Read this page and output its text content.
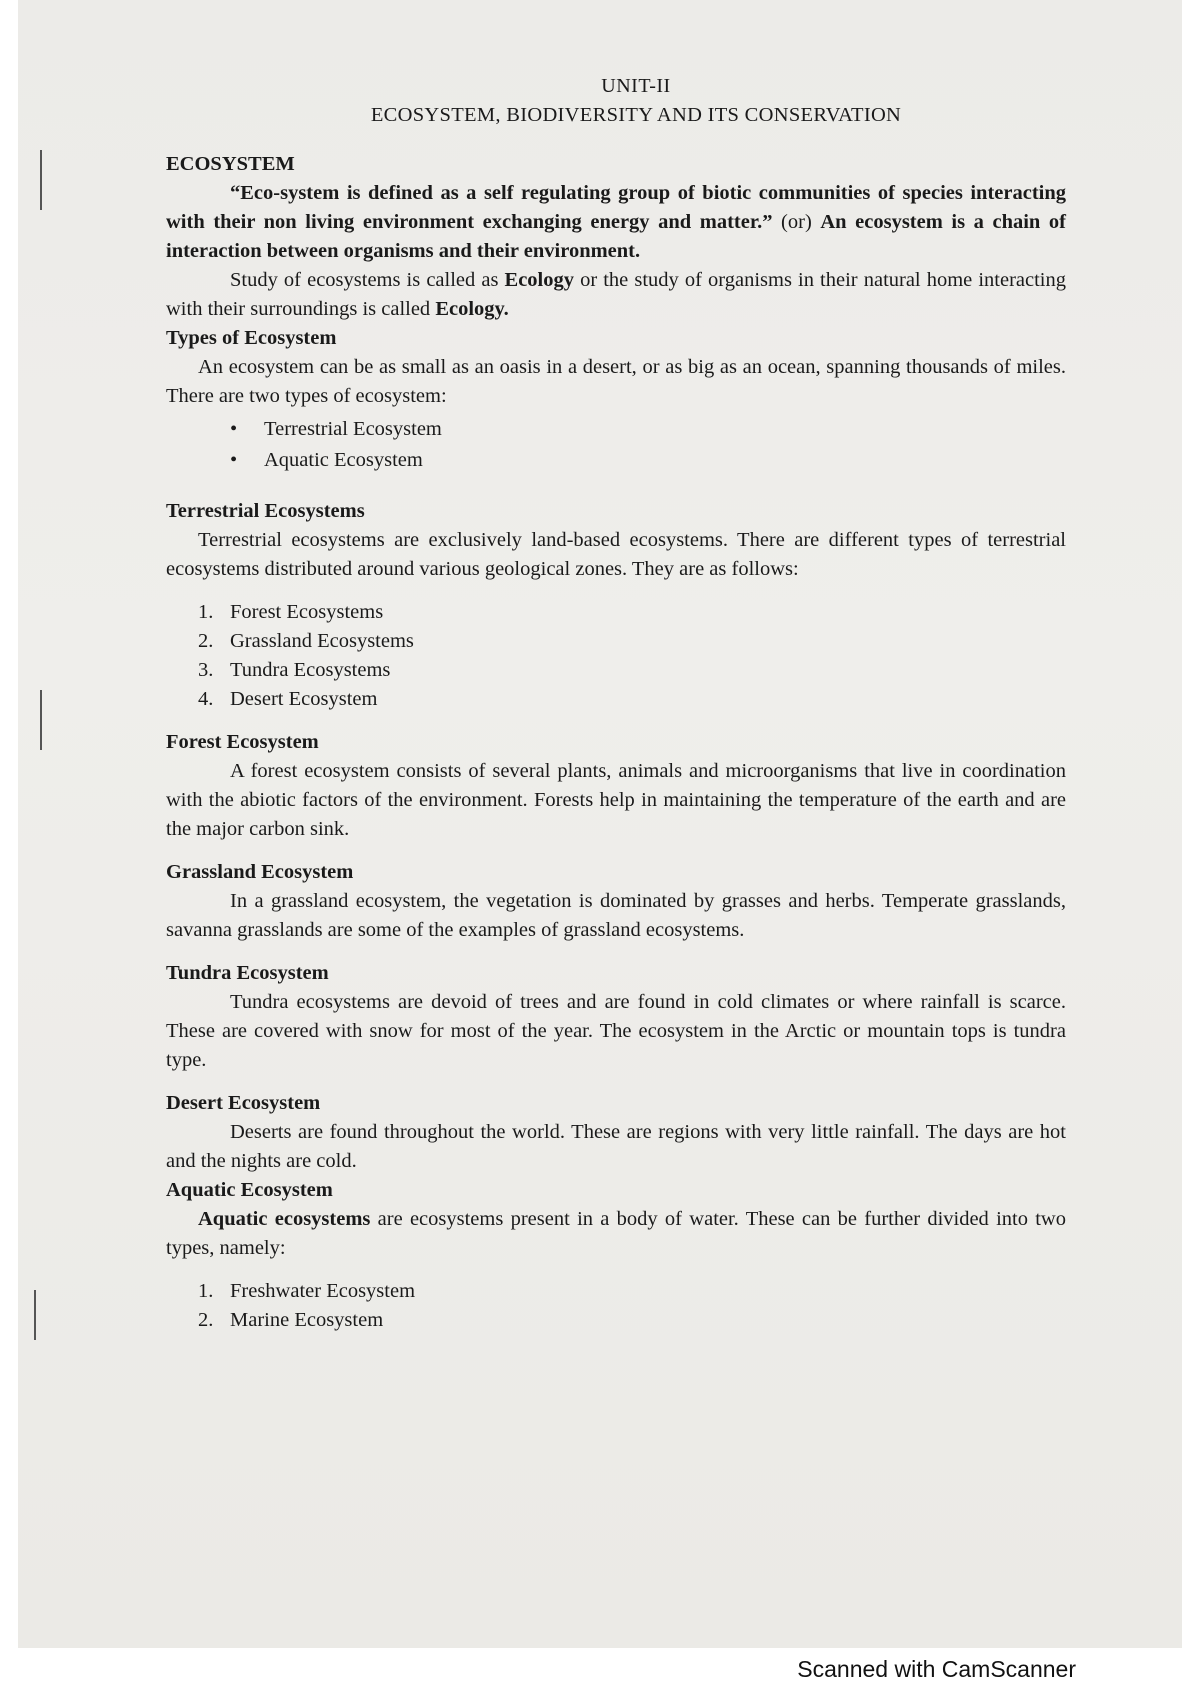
UNIT-II
ECOSYSTEM, BIODIVERSITY AND ITS CONSERVATION
ECOSYSTEM

“Eco-system is defined as a self regulating group of biotic communities of species interacting with their non living environment exchanging energy and matter.” (or) An ecosystem is a chain of interaction between organisms and their environment.

Study of ecosystems is called as Ecology or the study of organisms in their natural home interacting with their surroundings is called Ecology.

Types of Ecosystem

An ecosystem can be as small as an oasis in a desert, or as big as an ocean, spanning thousands of miles. There are two types of ecosystem:

• Terrestrial Ecosystem
• Aquatic Ecosystem
Terrestrial Ecosystems

Terrestrial ecosystems are exclusively land-based ecosystems. There are different types of terrestrial ecosystems distributed around various geological zones. They are as follows:

1. Forest Ecosystems
2. Grassland Ecosystems
3. Tundra Ecosystems
4. Desert Ecosystem
Forest Ecosystem

A forest ecosystem consists of several plants, animals and microorganisms that live in coordination with the abiotic factors of the environment. Forests help in maintaining the temperature of the earth and are the major carbon sink.

Grassland Ecosystem

In a grassland ecosystem, the vegetation is dominated by grasses and herbs. Temperate grasslands, savanna grasslands are some of the examples of grassland ecosystems.

Tundra Ecosystem

Tundra ecosystems are devoid of trees and are found in cold climates or where rainfall is scarce. These are covered with snow for most of the year. The ecosystem in the Arctic or mountain tops is tundra type.

Desert Ecosystem

Deserts are found throughout the world. These are regions with very little rainfall. The days are hot and the nights are cold.

Aquatic Ecosystem

Aquatic ecosystems are ecosystems present in a body of water. These can be further divided into two types, namely:

1. Freshwater Ecosystem
2. Marine Ecosystem
Scanned with CamScanner
